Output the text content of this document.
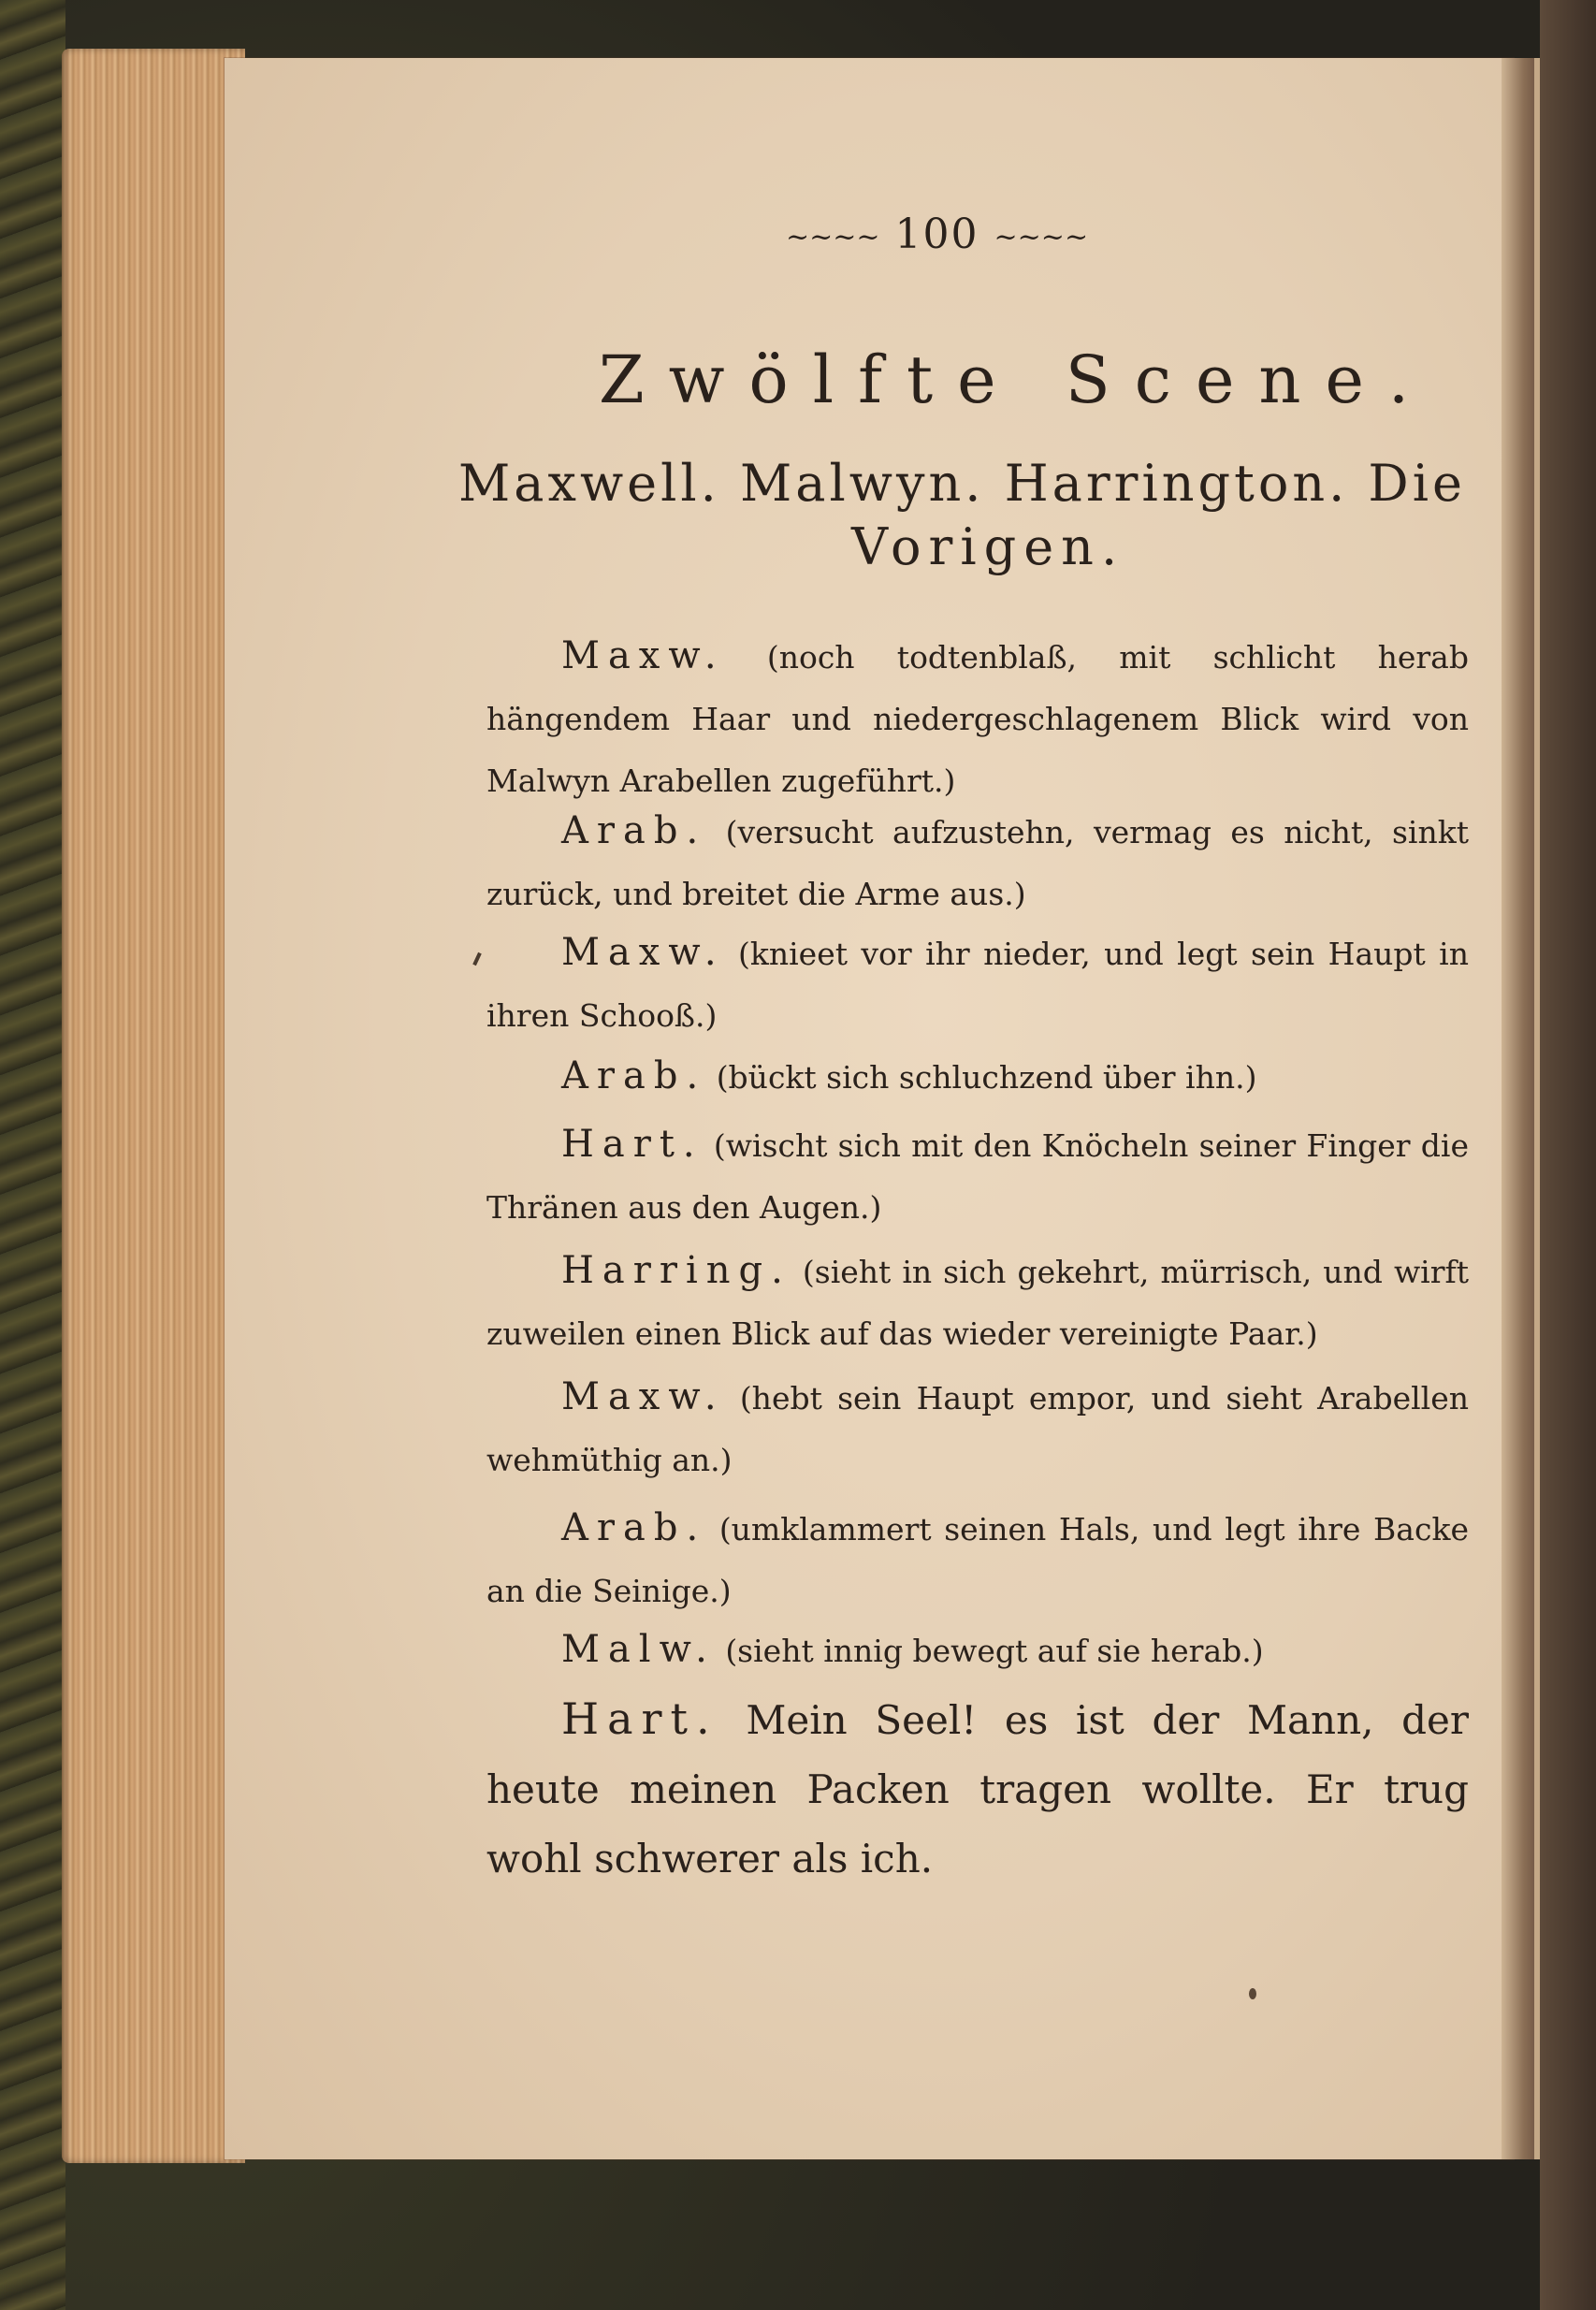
~~~~ 100 ~~~~
Zwölfte Scene.
Maxwell. Malwyn. Harrington. Die
Vorigen.

Maxw. (noch todtenblaß, mit schlicht herab hängendem Haar und niedergeschlagenem Blick wird von Malwyn Arabellen zugeführt.)

Arab. (versucht aufzustehn, vermag es nicht, sinkt zurück, und breitet die Arme aus.)

Maxw. (knieet vor ihr nieder, und legt sein Haupt in ihren Schooß.)

Arab. (bückt sich schluchzend über ihn.)

Hart. (wischt sich mit den Knöcheln seiner Finger die Thränen aus den Augen.)

Harring. (sieht in sich gekehrt, mürrisch, und wirft zuweilen einen Blick auf das wieder vereinigte Paar.)

Maxw. (hebt sein Haupt empor, und sieht Arabellen wehmüthig an.)

Arab. (umklammert seinen Hals, und legt ihre Backe an die Seinige.)

Malw. (sieht innig bewegt auf sie herab.)

Hart. Mein Seel! es ist der Mann, der heute meinen Packen tragen wollte. Er trug wohl schwerer als ich.
